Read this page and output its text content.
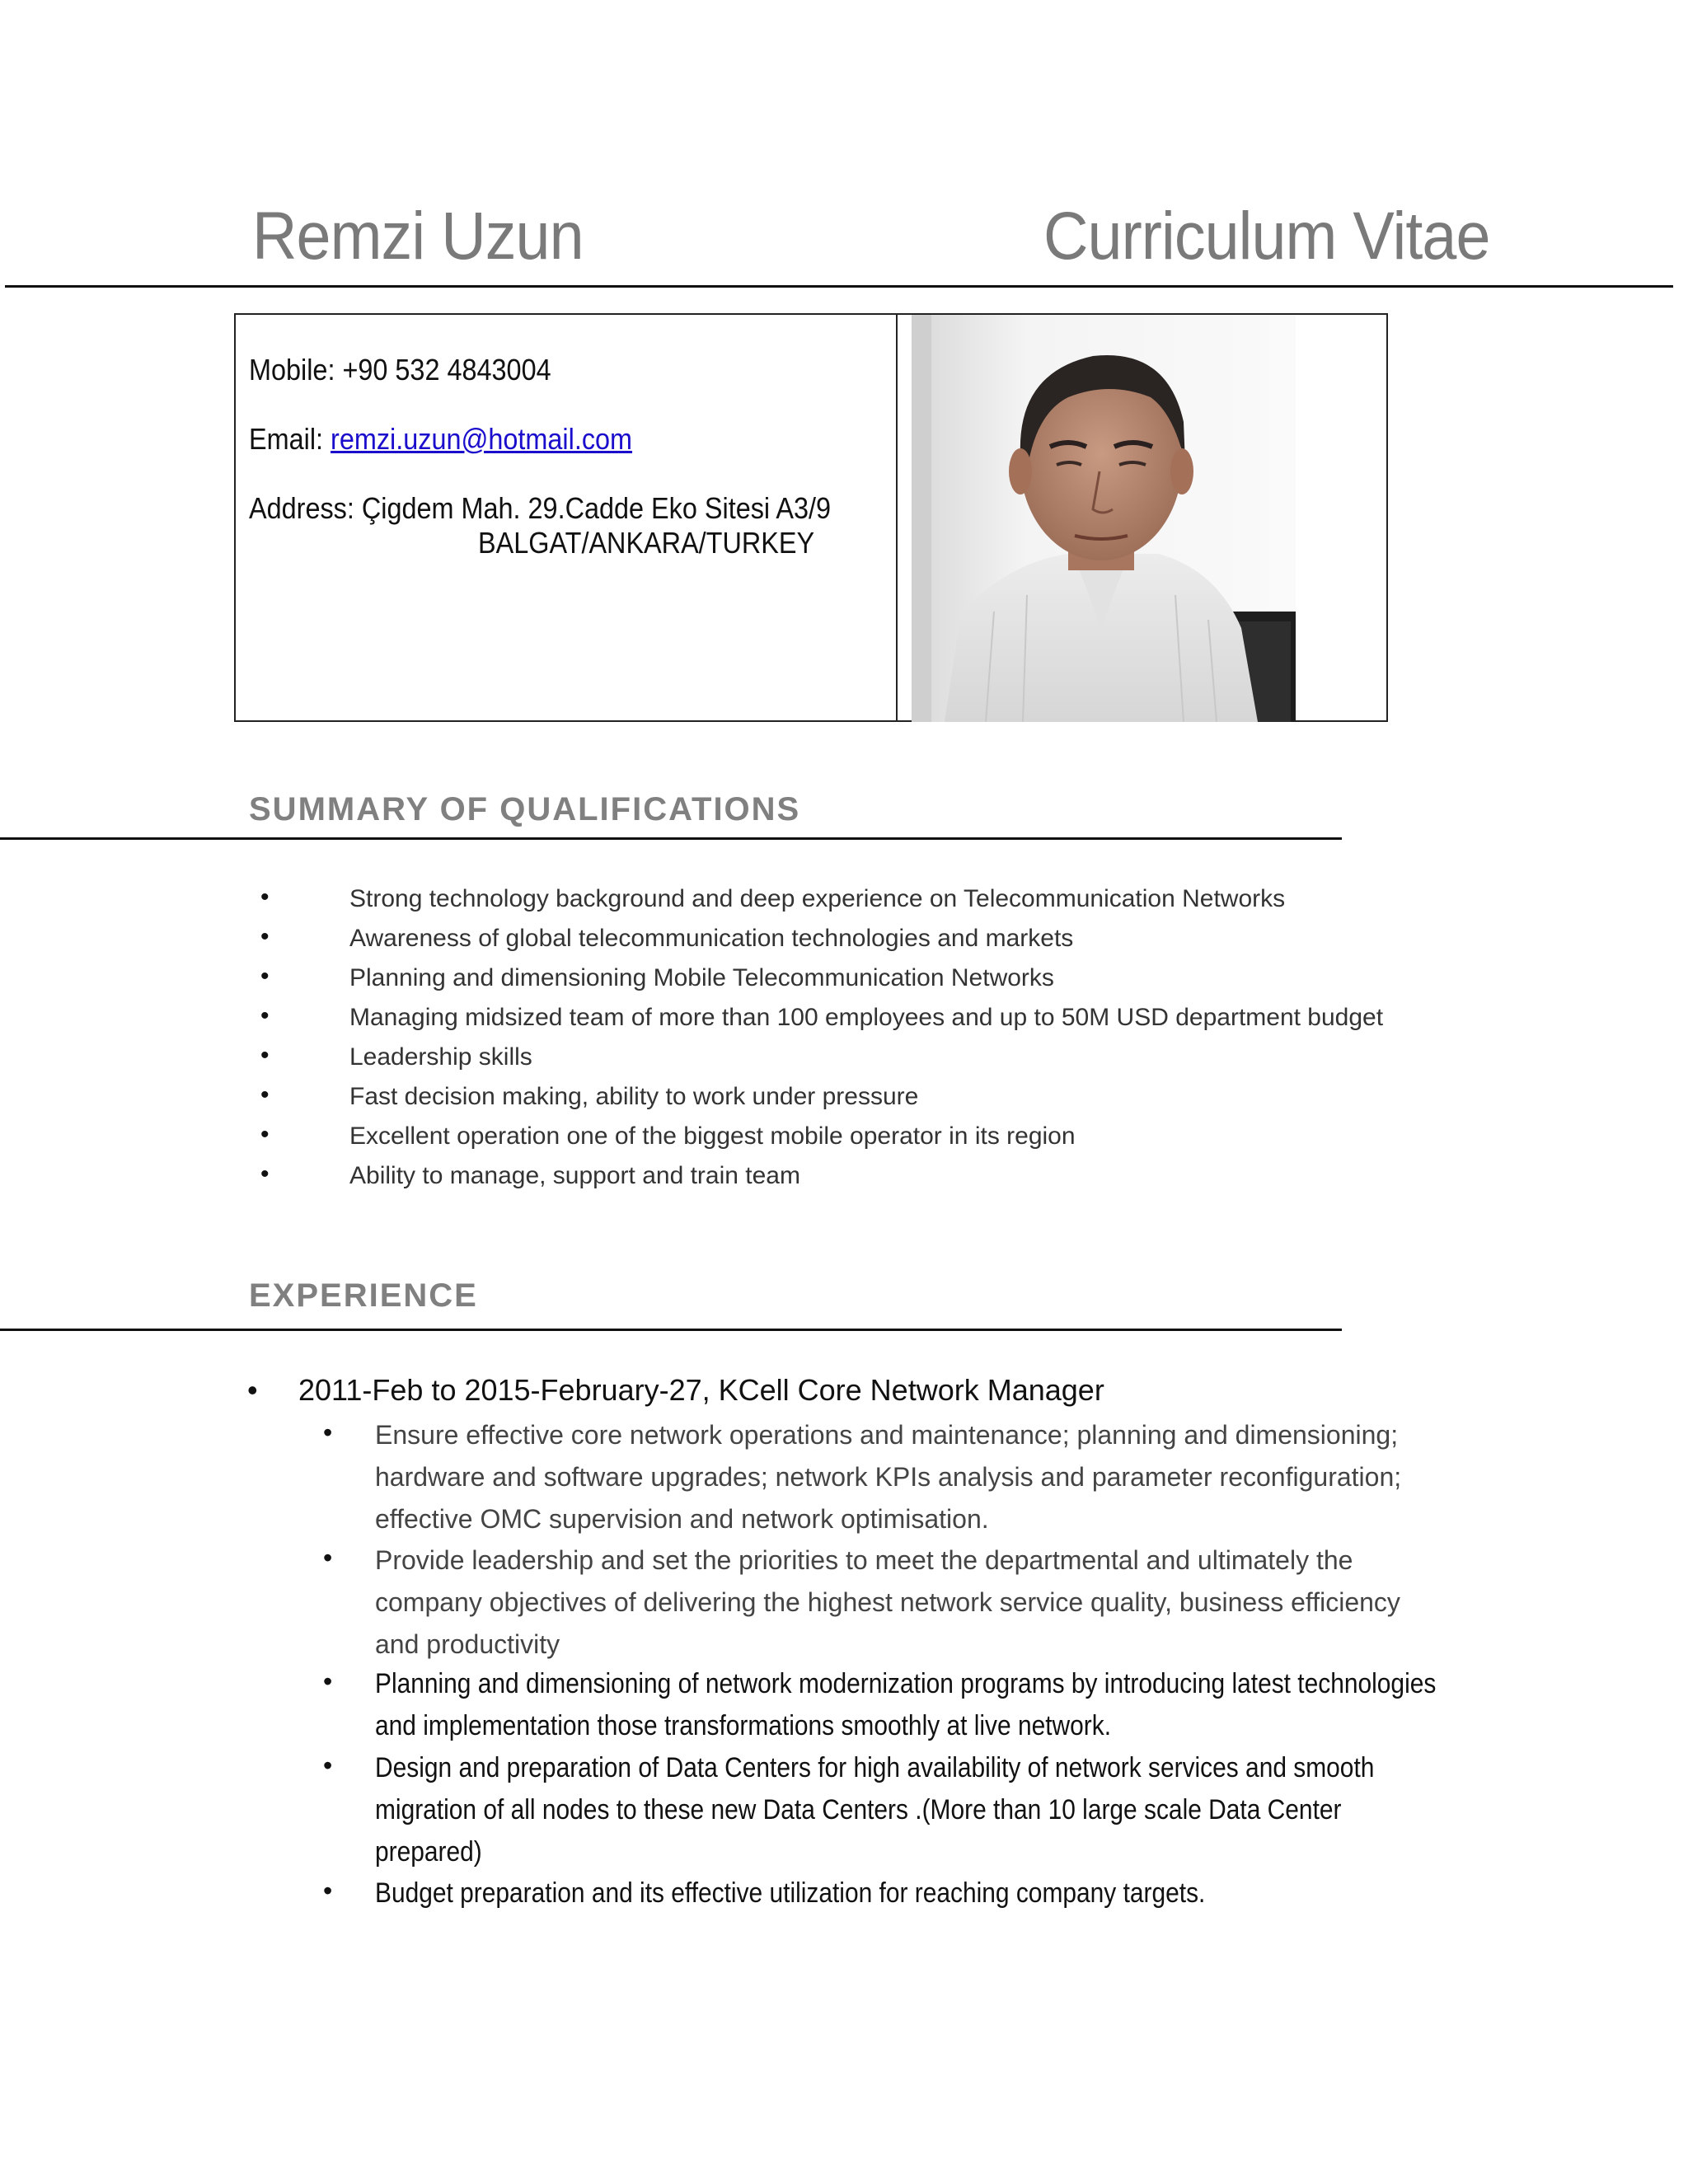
Remzi Uzun	Curriculum Vitae
Mobile: +90 532 4843004
Email: remzi.uzun@hotmail.com
Address: Çigdem Mah. 29.Cadde Eko Sitesi A3/9
BALGAT/ANKARA/TURKEY
SUMMARY OF QUALIFICATIONS
•	Strong technology background and deep experience on Telecommunication Networks
•	Awareness of global telecommunication technologies and markets
•	Planning and dimensioning Mobile Telecommunication Networks
•	Managing midsized team of more than 100 employees and up to 50M USD department budget
•	Leadership skills
•	Fast decision making, ability to work under pressure
•	Excellent operation one of the biggest mobile operator in its region
•	Ability to manage, support and train team
EXPERIENCE
• 2011-Feb to 2015-February-27, KCell Core Network Manager
• Ensure effective core network operations and maintenance; planning and dimensioning; hardware and software upgrades; network KPIs analysis and parameter reconfiguration; effective OMC supervision and network optimisation.
• Provide leadership and set the priorities to meet the departmental and ultimately the company objectives of delivering the highest network service quality, business efficiency and productivity
• Planning and dimensioning of network modernization programs by introducing latest technologies and implementation those transformations smoothly at live network.
• Design and preparation of Data Centers for high availability of network services and smooth migration of all nodes to these new Data Centers .(More than 10 large scale Data Center prepared)
• Budget preparation and its effective utilization for reaching company targets.
